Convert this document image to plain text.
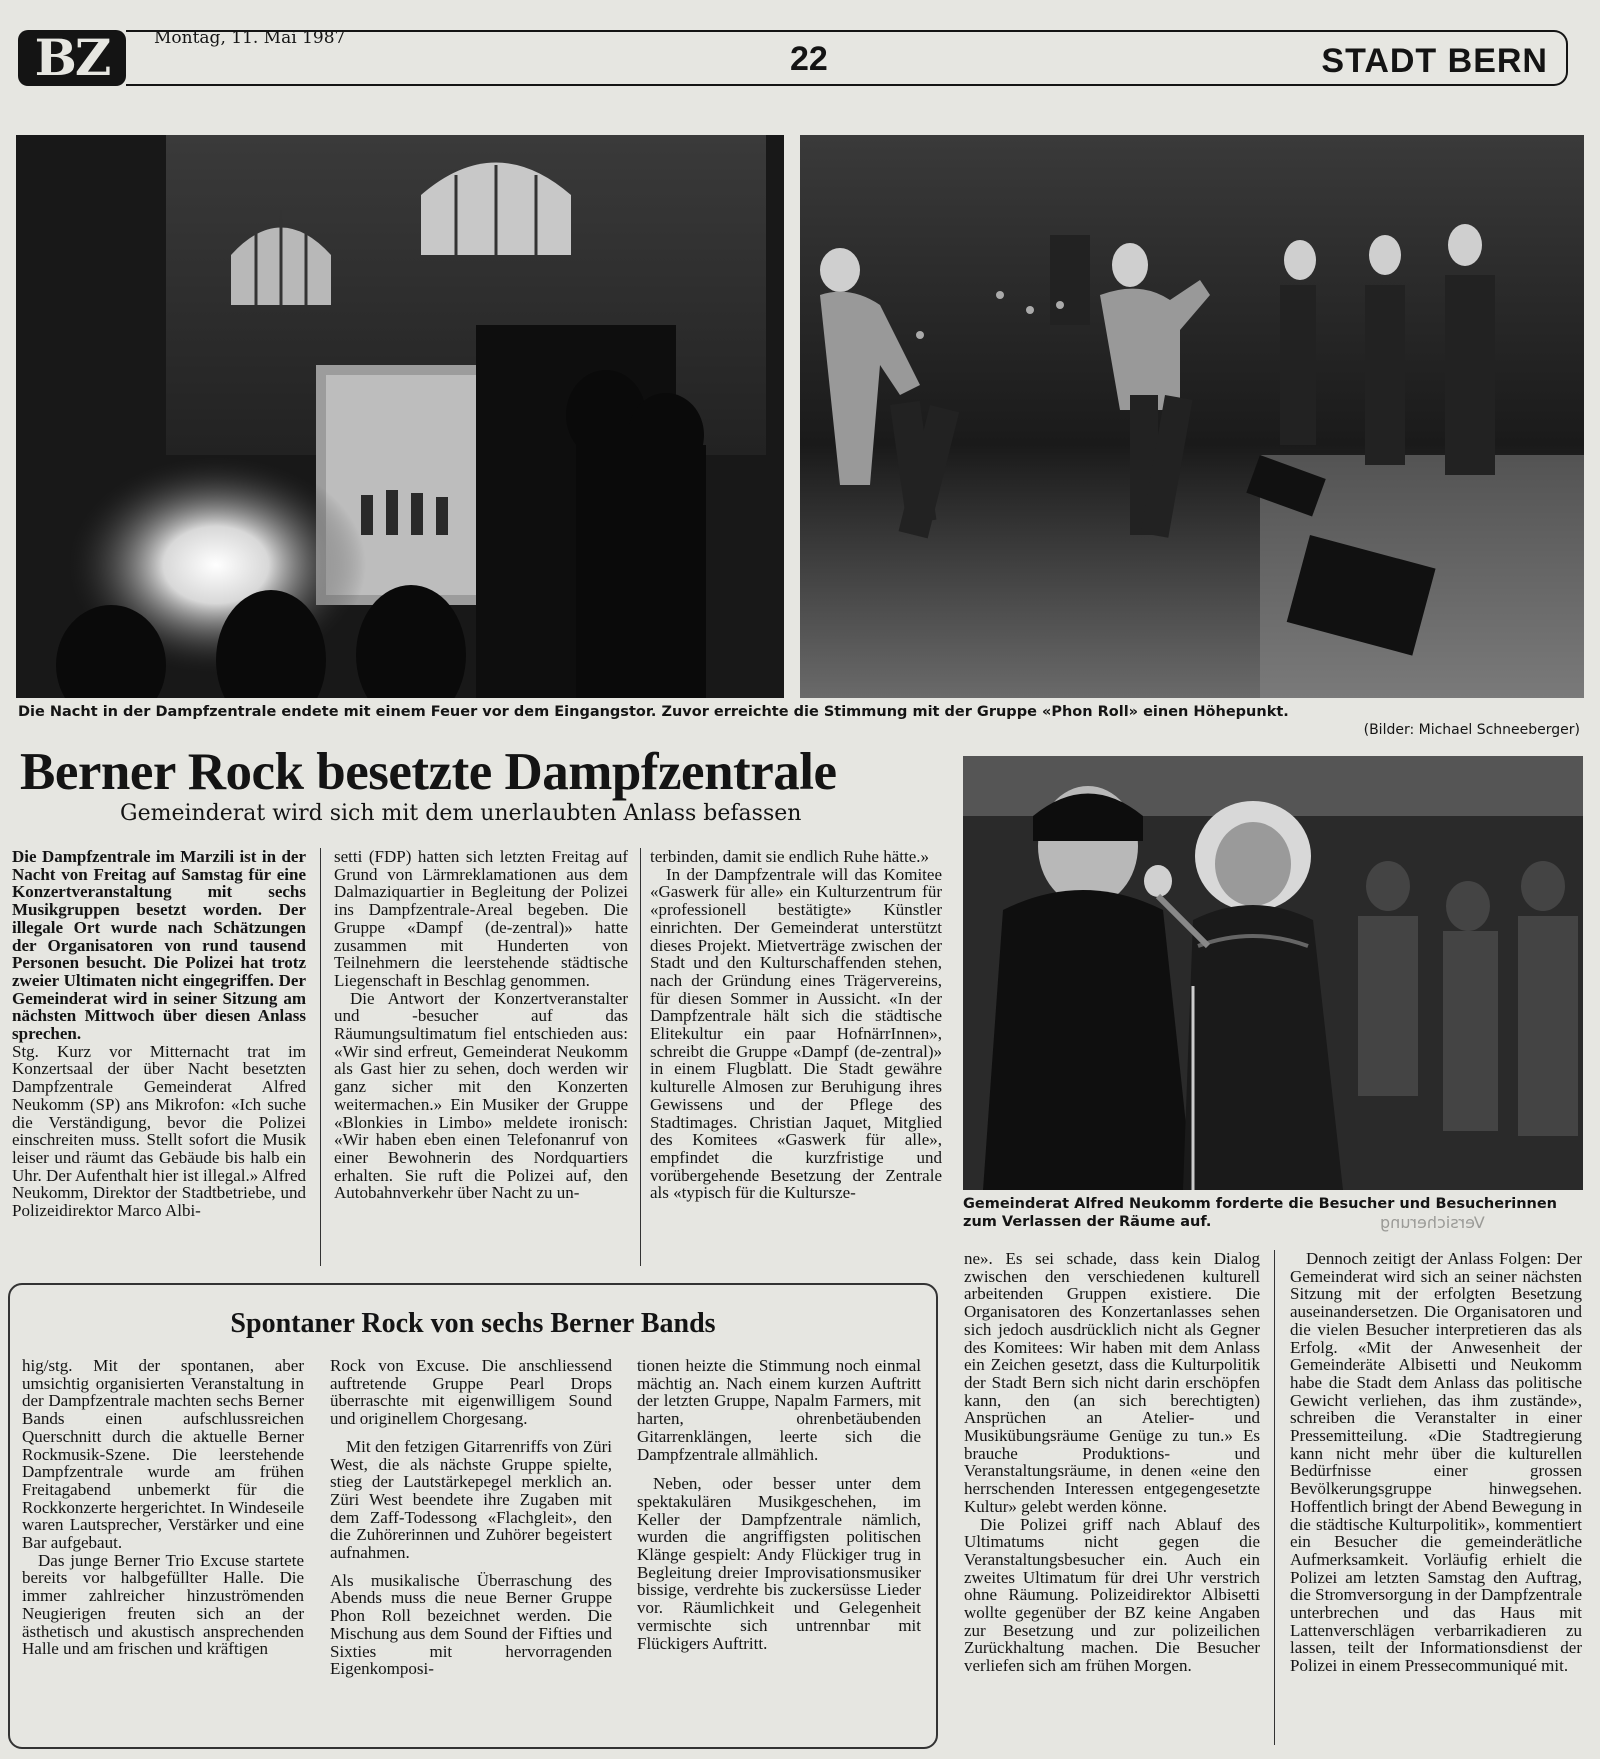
BZ	Montag, 11. Mai 1987
22	STADT BERN
Die Nacht in der Dampfzentrale endete mit einem Feuer vor dem Eingangstor. Zuvor erreichte die Stimmung mit der Gruppe «Phon Roll» einen Höhepunkt.
(Bilder: Michael Schneeberger)
Berner Rock besetzte Dampfzentrale
Gemeinderat wird sich mit dem unerlaubten Anlass befassen
Gemeinderat Alfred Neukomm forderte die Besucher und Besucherinnen zum Verlassen der Räume auf.	Versicherung

Die Dampfzentrale im Marzili ist in der Nacht von Freitag auf Samstag für eine Konzertveranstaltung mit sechs Musikgruppen besetzt worden. Der illegale Ort wurde nach Schätzungen der Organisatoren von rund tausend Personen besucht. Die Polizei hat trotz zweier Ultimaten nicht eingegriffen. Der Gemeinderat wird in seiner Sitzung am nächsten Mittwoch über diesen Anlass sprechen.

Stg. Kurz vor Mitternacht trat im Konzertsaal der über Nacht besetzten Dampfzentrale Gemeinderat Alfred Neukomm (SP) ans Mikrofon: «Ich suche die Verständigung, bevor die Polizei einschreiten muss. Stellt sofort die Musik leiser und räumt das Gebäude bis halb ein Uhr. Der Aufenthalt hier ist illegal.» Alfred Neukomm, Direktor der Stadtbetriebe, und Polizeidirektor Marco Albi-

setti (FDP) hatten sich letzten Freitag auf Grund von Lärmreklamationen aus dem Dalmaziquartier in Begleitung der Polizei ins Dampfzentrale-Areal begeben. Die Gruppe «Dampf (de-zentral)» hatte zusammen mit Hunderten von Teilnehmern die leerstehende städtische Liegenschaft in Beschlag genommen.

Die Antwort der Konzertveranstalter und -besucher auf das Räumungsultimatum fiel entschieden aus: «Wir sind erfreut, Gemeinderat Neukomm als Gast hier zu sehen, doch werden wir ganz sicher mit den Konzerten weitermachen.» Ein Musiker der Gruppe «Blonkies in Limbo» meldete ironisch: «Wir haben eben einen Telefonanruf von einer Bewohnerin des Nordquartiers erhalten. Sie ruft die Polizei auf, den Autobahnverkehr über Nacht zu un-

terbinden, damit sie endlich Ruhe hätte.»

In der Dampfzentrale will das Komitee «Gaswerk für alle» ein Kulturzentrum für «professionell bestätigte» Künstler einrichten. Der Gemeinderat unterstützt dieses Projekt. Mietverträge zwischen der Stadt und den Kulturschaffenden stehen, nach der Gründung eines Trägervereins, für diesen Sommer in Aussicht. «In der Dampfzentrale hält sich die städtische Elitekultur ein paar HofnärrInnen», schreibt die Gruppe «Dampf (de-zentral)» in einem Flugblatt. Die Stadt gewähre kulturelle Almosen zur Beruhigung ihres Gewissens und der Pflege des Stadtimages. Christian Jaquet, Mitglied des Komitees «Gaswerk für alle», empfindet die kurzfristige und vorübergehende Besetzung der Zentrale als «typisch für die Kultursze-

ne». Es sei schade, dass kein Dialog zwischen den verschiedenen kulturell arbeitenden Gruppen existiere. Die Organisatoren des Konzertanlasses sehen sich jedoch ausdrücklich nicht als Gegner des Komitees: Wir haben mit dem Anlass ein Zeichen gesetzt, dass die Kulturpolitik der Stadt Bern sich nicht darin erschöpfen kann, den (an sich berechtigten) Ansprüchen an Atelier- und Musikübungsräume Genüge zu tun.» Es brauche Produktions- und Veranstaltungsräume, in denen «eine den herrschenden Interessen entgegengesetzte Kultur» gelebt werden könne.

Die Polizei griff nach Ablauf des Ultimatums nicht gegen die Veranstaltungsbesucher ein. Auch ein zweites Ultimatum für drei Uhr verstrich ohne Räumung. Polizeidirektor Albisetti wollte gegenüber der BZ keine Angaben zur Besetzung und zur polizeilichen Zurückhaltung machen. Die Besucher verliefen sich am frühen Morgen.

Dennoch zeitigt der Anlass Folgen: Der Gemeinderat wird sich an seiner nächsten Sitzung mit der erfolgten Besetzung auseinandersetzen. Die Organisatoren und die vielen Besucher interpretieren das als Erfolg. «Mit der Anwesenheit der Gemeinderäte Albisetti und Neukomm habe die Stadt dem Anlass das politische Gewicht verliehen, das ihm zustände», schreiben die Veranstalter in einer Pressemitteilung. «Die Stadtregierung kann nicht mehr über die kulturellen Bedürfnisse einer grossen Bevölkerungsgruppe hinwegsehen. Hoffentlich bringt der Abend Bewegung in die städtische Kulturpolitik», kommentiert ein Besucher die gemeinderätliche Aufmerksamkeit. Vorläufig erhielt die Polizei am letzten Samstag den Auftrag, die Stromversorgung in der Dampfzentrale unterbrechen und das Haus mit Lattenverschlägen verbarrikadieren zu lassen, teilt der Informationsdienst der Polizei in einem Pressecommuniqué mit.

Spontaner Rock von sechs Berner Bands

hig/stg. Mit der spontanen, aber umsichtig organisierten Veranstaltung in der Dampfzentrale machten sechs Berner Bands einen aufschlussreichen Querschnitt durch die aktuelle Berner Rockmusik-Szene. Die leerstehende Dampfzentrale wurde am frühen Freitagabend unbemerkt für die Rockkonzerte hergerichtet. In Windeseile waren Lautsprecher, Verstärker und eine Bar aufgebaut.

Das junge Berner Trio Excuse startete bereits vor halbgefüllter Halle. Die immer zahlreicher hinzuströmenden Neugierigen freuten sich an der ästhetisch und akustisch ansprechenden Halle und am frischen und kräftigen

Rock von Excuse. Die anschliessend auftretende Gruppe Pearl Drops überraschte mit eigenwilligem Sound und originellem Chorgesang.

Mit den fetzigen Gitarrenriffs von Züri West, die als nächste Gruppe spielte, stieg der Lautstärkepegel merklich an. Züri West beendete ihre Zugaben mit dem Zaff-Todessong «Flachgleit», den die Zuhörerinnen und Zuhörer begeistert aufnahmen.

Als musikalische Überraschung des Abends muss die neue Berner Gruppe Phon Roll bezeichnet werden. Die Mischung aus dem Sound der Fifties und Sixties mit hervorragenden Eigenkomposi-

tionen heizte die Stimmung noch einmal mächtig an. Nach einem kurzen Auftritt der letzten Gruppe, Napalm Farmers, mit harten, ohrenbetäubenden Gitarrenklängen, leerte sich die Dampfzentrale allmählich.

Neben, oder besser unter dem spektakulären Musikgeschehen, im Keller der Dampfzentrale nämlich, wurden die angriffigsten politischen Klänge gespielt: Andy Flückiger trug in Begleitung dreier Improvisationsmusiker bissige, verdrehte bis zuckersüsse Lieder vor. Räumlichkeit und Gelegenheit vermischte sich untrennbar mit Flückigers Auftritt.
